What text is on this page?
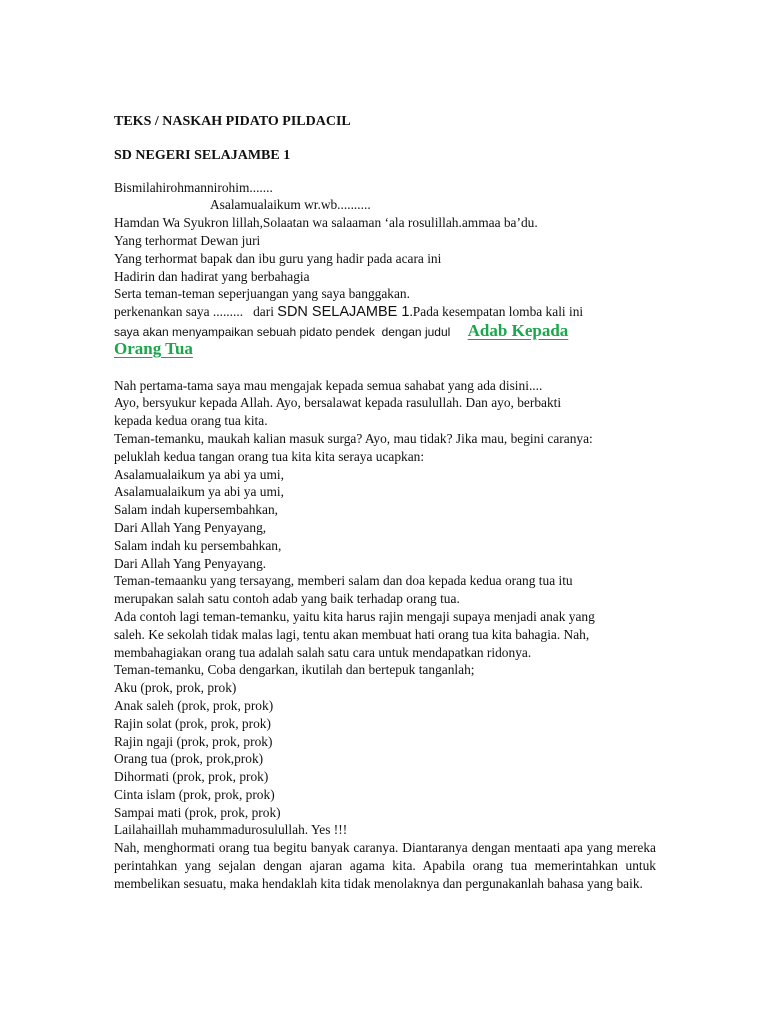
TEKS / NASKAH PIDATO PILDACIL

SD NEGERI SELAJAMBE 1

Bismilahirohmannirohim.......
Asalamualaikum wr.wb..........
Hamdan Wa Syukron lillah,Solaatan wa salaaman ‘ala rosulillah.ammaa ba’du.
Yang terhormat Dewan juri
Yang terhormat bapak dan ibu guru yang hadir pada acara ini
Hadirin dan hadirat yang berbahagia
Serta teman-teman seperjuangan yang saya banggakan.
perkenankan saya ......... dari SDN SELAJAMBE 1.Pada kesempatan lomba kali ini
saya akan menyampaikan sebuah pidato pendek dengan judul Adab Kepada
Orang Tua
Nah pertama-tama saya mau mengajak kepada semua sahabat yang ada disini....
Ayo, bersyukur kepada Allah. Ayo, bersalawat kepada rasulullah. Dan ayo, berbakti
kepada kedua orang tua kita.
Teman-temanku, maukah kalian masuk surga? Ayo, mau tidak? Jika mau, begini caranya:
peluklah kedua tangan orang tua kita kita seraya ucapkan:
Asalamualaikum ya abi ya umi,
Asalamualaikum ya abi ya umi,
Salam indah kupersembahkan,
Dari Allah Yang Penyayang,
Salam indah ku persembahkan,
Dari Allah Yang Penyayang.
Teman-temaanku yang tersayang, memberi salam dan doa kepada kedua orang tua itu
merupakan salah satu contoh adab yang baik terhadap orang tua.
Ada contoh lagi teman-temanku, yaitu kita harus rajin mengaji supaya menjadi anak yang
saleh. Ke sekolah tidak malas lagi, tentu akan membuat hati orang tua kita bahagia. Nah,
membahagiakan orang tua adalah salah satu cara untuk mendapatkan ridonya.
Teman-temanku, Coba dengarkan, ikutilah dan bertepuk tanganlah;
Aku (prok, prok, prok)
Anak saleh (prok, prok, prok)
Rajin solat (prok, prok, prok)
Rajin ngaji (prok, prok, prok)
Orang tua (prok, prok,prok)
Dihormati (prok, prok, prok)
Cinta islam (prok, prok, prok)
Sampai mati (prok, prok, prok)
Lailahaillah muhammadurosulullah. Yes !!!

Nah, menghormati orang tua begitu banyak caranya. Diantaranya dengan mentaati apa yang mereka perintahkan yang sejalan dengan ajaran agama kita. Apabila orang tua memerintahkan untuk membelikan sesuatu, maka hendaklah kita tidak menolaknya dan pergunakanlah bahasa yang baik.
